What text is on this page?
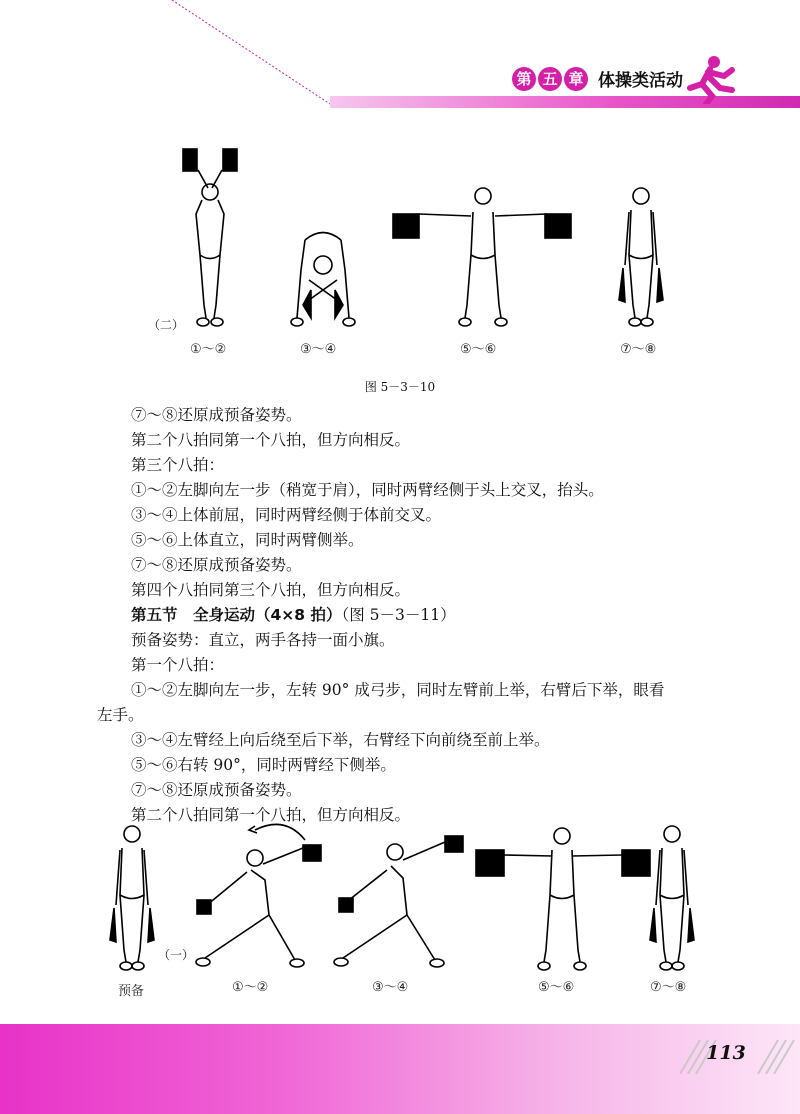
第 五 章 体操类活动
（二）
①～②	③～④	⑤～⑥	⑦～⑧
图 5－3－10
⑦～⑧还原成预备姿势。
第二个八拍同第一个八拍，但方向相反。
第三个八拍：
①～②左脚向左一步（稍宽于肩），同时两臂经侧于头上交叉，抬头。
③～④上体前屈，同时两臂经侧于体前交叉。
⑤～⑥上体直立，同时两臂侧举。
⑦～⑧还原成预备姿势。
第四个八拍同第三个八拍，但方向相反。
第五节　全身运动（4×8 拍）（图 5－3－11）
预备姿势：直立，两手各持一面小旗。
第一个八拍：
①～②左脚向左一步，左转 90° 成弓步，同时左臂前上举，右臂后下举，眼看
左手。
③～④左臂经上向后绕至后下举，右臂经下向前绕至前上举。
⑤～⑥右转 90°，同时两臂经下侧举。
⑦～⑧还原成预备姿势。
第二个八拍同第一个八拍，但方向相反。
（一）
预备	①～②	③～④	⑤～⑥	⑦～⑧
113
